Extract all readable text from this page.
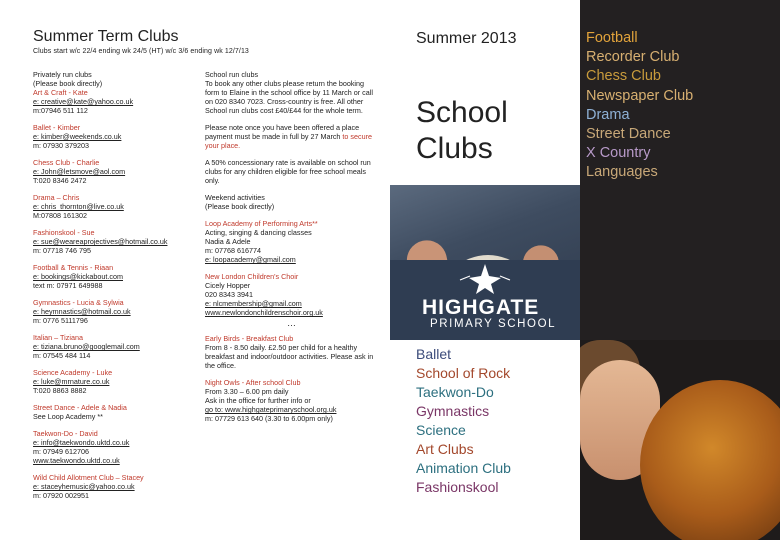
Summer Term Clubs
Clubs start w/c 22/4 ending wk 24/5 (HT) w/c 3/6 ending wk 12/7/13
Privately run clubs
(Please book directly)
Art & Craft - Kate
e: creative@kate@yahoo.co.uk
m:07946 511 112
Ballet - Kimber
e: kimber@weekends.co.uk
m: 07930 379203
Chess Club - Charlie
e: John@letsmove@aol.com
T:020 8346 2472
Drama – Chris
e: chris_thornton@live.co.uk
M:07808 161302
Fashionskool - Sue
e: sue@weareaprojectives@hotmail.co.uk
m: 07718 746 795
Football & Tennis - Riaan
e: bookings@kickabout.com
text m: 07971 649988
Gymnastics - Lucia & Sylwia
e: heymnastics@hotmail.co.uk
m: 0776 5111796
Italian – Tiziana
e: tiziana.bruno@googlemail.com
m: 07545 484 114
Science Academy - Luke
e: luke@mrnature.co.uk
T:020 8863 8882
Street Dance - Adele & Nadia
See Loop Academy **
Taekwon-Do - David
e: info@taekwondo.uktd.co.uk
m: 07949 612706
www.taekwondo.uktd.co.uk
Wild Child Allotment Club – Stacey
e: staceyhemusic@yahoo.co.uk
m: 07920 002951
School run clubs
To book any other clubs please return the booking form to Elaine in the school office by 11 March or call on 020 8340 7023. Cross-country is free. All other School run clubs cost £40/£44 for the whole term.
Please note once you have been offered a place payment must be made in full by 27 March to secure your place.
A 50% concessionary rate is available on school run clubs for any children eligible for free school meals only.
Weekend activities
(Please book directly)
Loop Academy of Performing Arts**
Acting, singing & dancing classes
Nadia & Adele
m: 07768 616774
e: loopacademy@gmail.com
New London Children's Choir
Cicely Hopper
020 8343 3941
e: nlcmembership@gmail.com
www.newlondonchildrenschoir.org.uk
…
Early Birds - Breakfast Club
From 8 - 8.50 daily. £2.50 per child for a healthy breakfast and indoor/outdoor activities. Please ask in the office.
Night Owls - After school Club
From 3.30 – 6.00 pm daily
Ask in the office for further info or
go to: www.highgateprimaryschool.org.uk
m: 07729 613 640 (3.30 to 6.00pm only)
Summer 2013
School
Clubs
HIGHGATE
PRIMARY SCHOOL
Ballet
School of Rock
Taekwon-Do
Gymnastics
Science
Art Clubs
Animation Club
Fashionskool
Football
Recorder Club
Chess Club
Newspaper Club
Drama
Street Dance
X Country
Languages
